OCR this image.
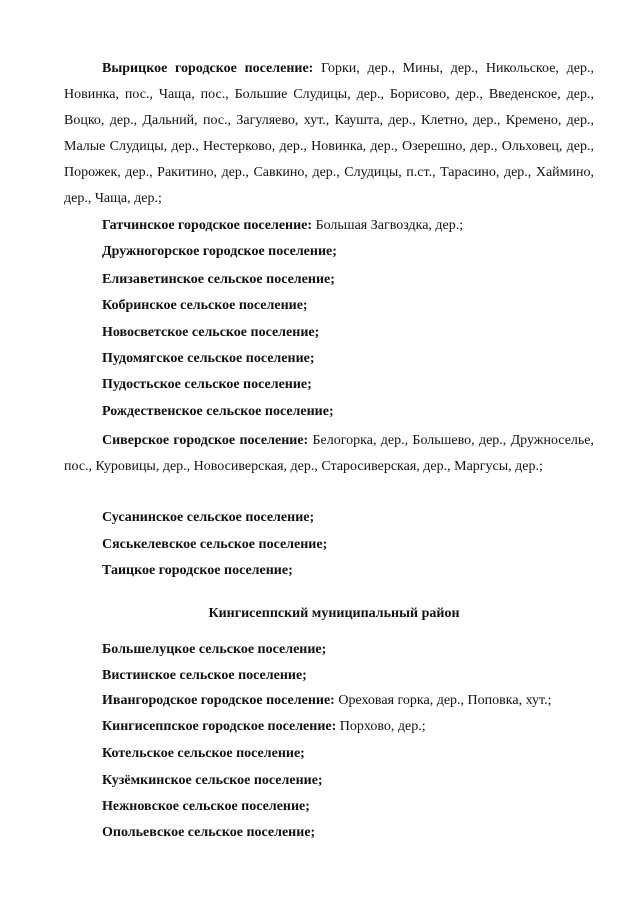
Вырицкое городское поселение: Горки, дер., Мины, дер., Никольское, дер., Новинка, пос., Чаща, пос., Большие Слудицы, дер., Борисово, дер., Введенское, дер., Воцко, дер., Дальний, пос., Загуляево, хут., Каушта, дер., Клетно, дер., Кремено, дер., Малые Слудицы, дер., Нестерково, дер., Новинка, дер., Озерешно, дер., Ольховец, дер., Порожек, дер., Ракитино, дер., Савкино, дер., Слудицы, п.ст., Тарасино, дер., Хаймино, дер., Чаща, дер.;

Гатчинское городское поселение: Большая Загвоздка, дер.;

Дружногорское городское поселение;

Елизаветинское сельское поселение;

Кобринское сельское поселение;

Новосветское сельское поселение;

Пудомягское сельское поселение;

Пудостьское сельское поселение;

Рождественское сельское поселение;

Сиверское городское поселение: Белогорка, дер., Большево, дер., Дружноселье, пос., Куровицы, дер., Новосиверская, дер., Старосиверская, дер., Маргусы, дер.;

Сусанинское сельское поселение;

Сяськелевское сельское поселение;

Таицкое городское поселение;

Кингисеппский муниципальный район

Большелуцкое сельское поселение;

Вистинское сельское поселение;

Ивангородское городское поселение: Ореховая горка, дер., Поповка, хут.;

Кингисеппское городское поселение: Порхово, дер.;

Котельское сельское поселение;

Кузёмкинское сельское поселение;

Нежновское сельское поселение;

Опольевское сельское поселение;
